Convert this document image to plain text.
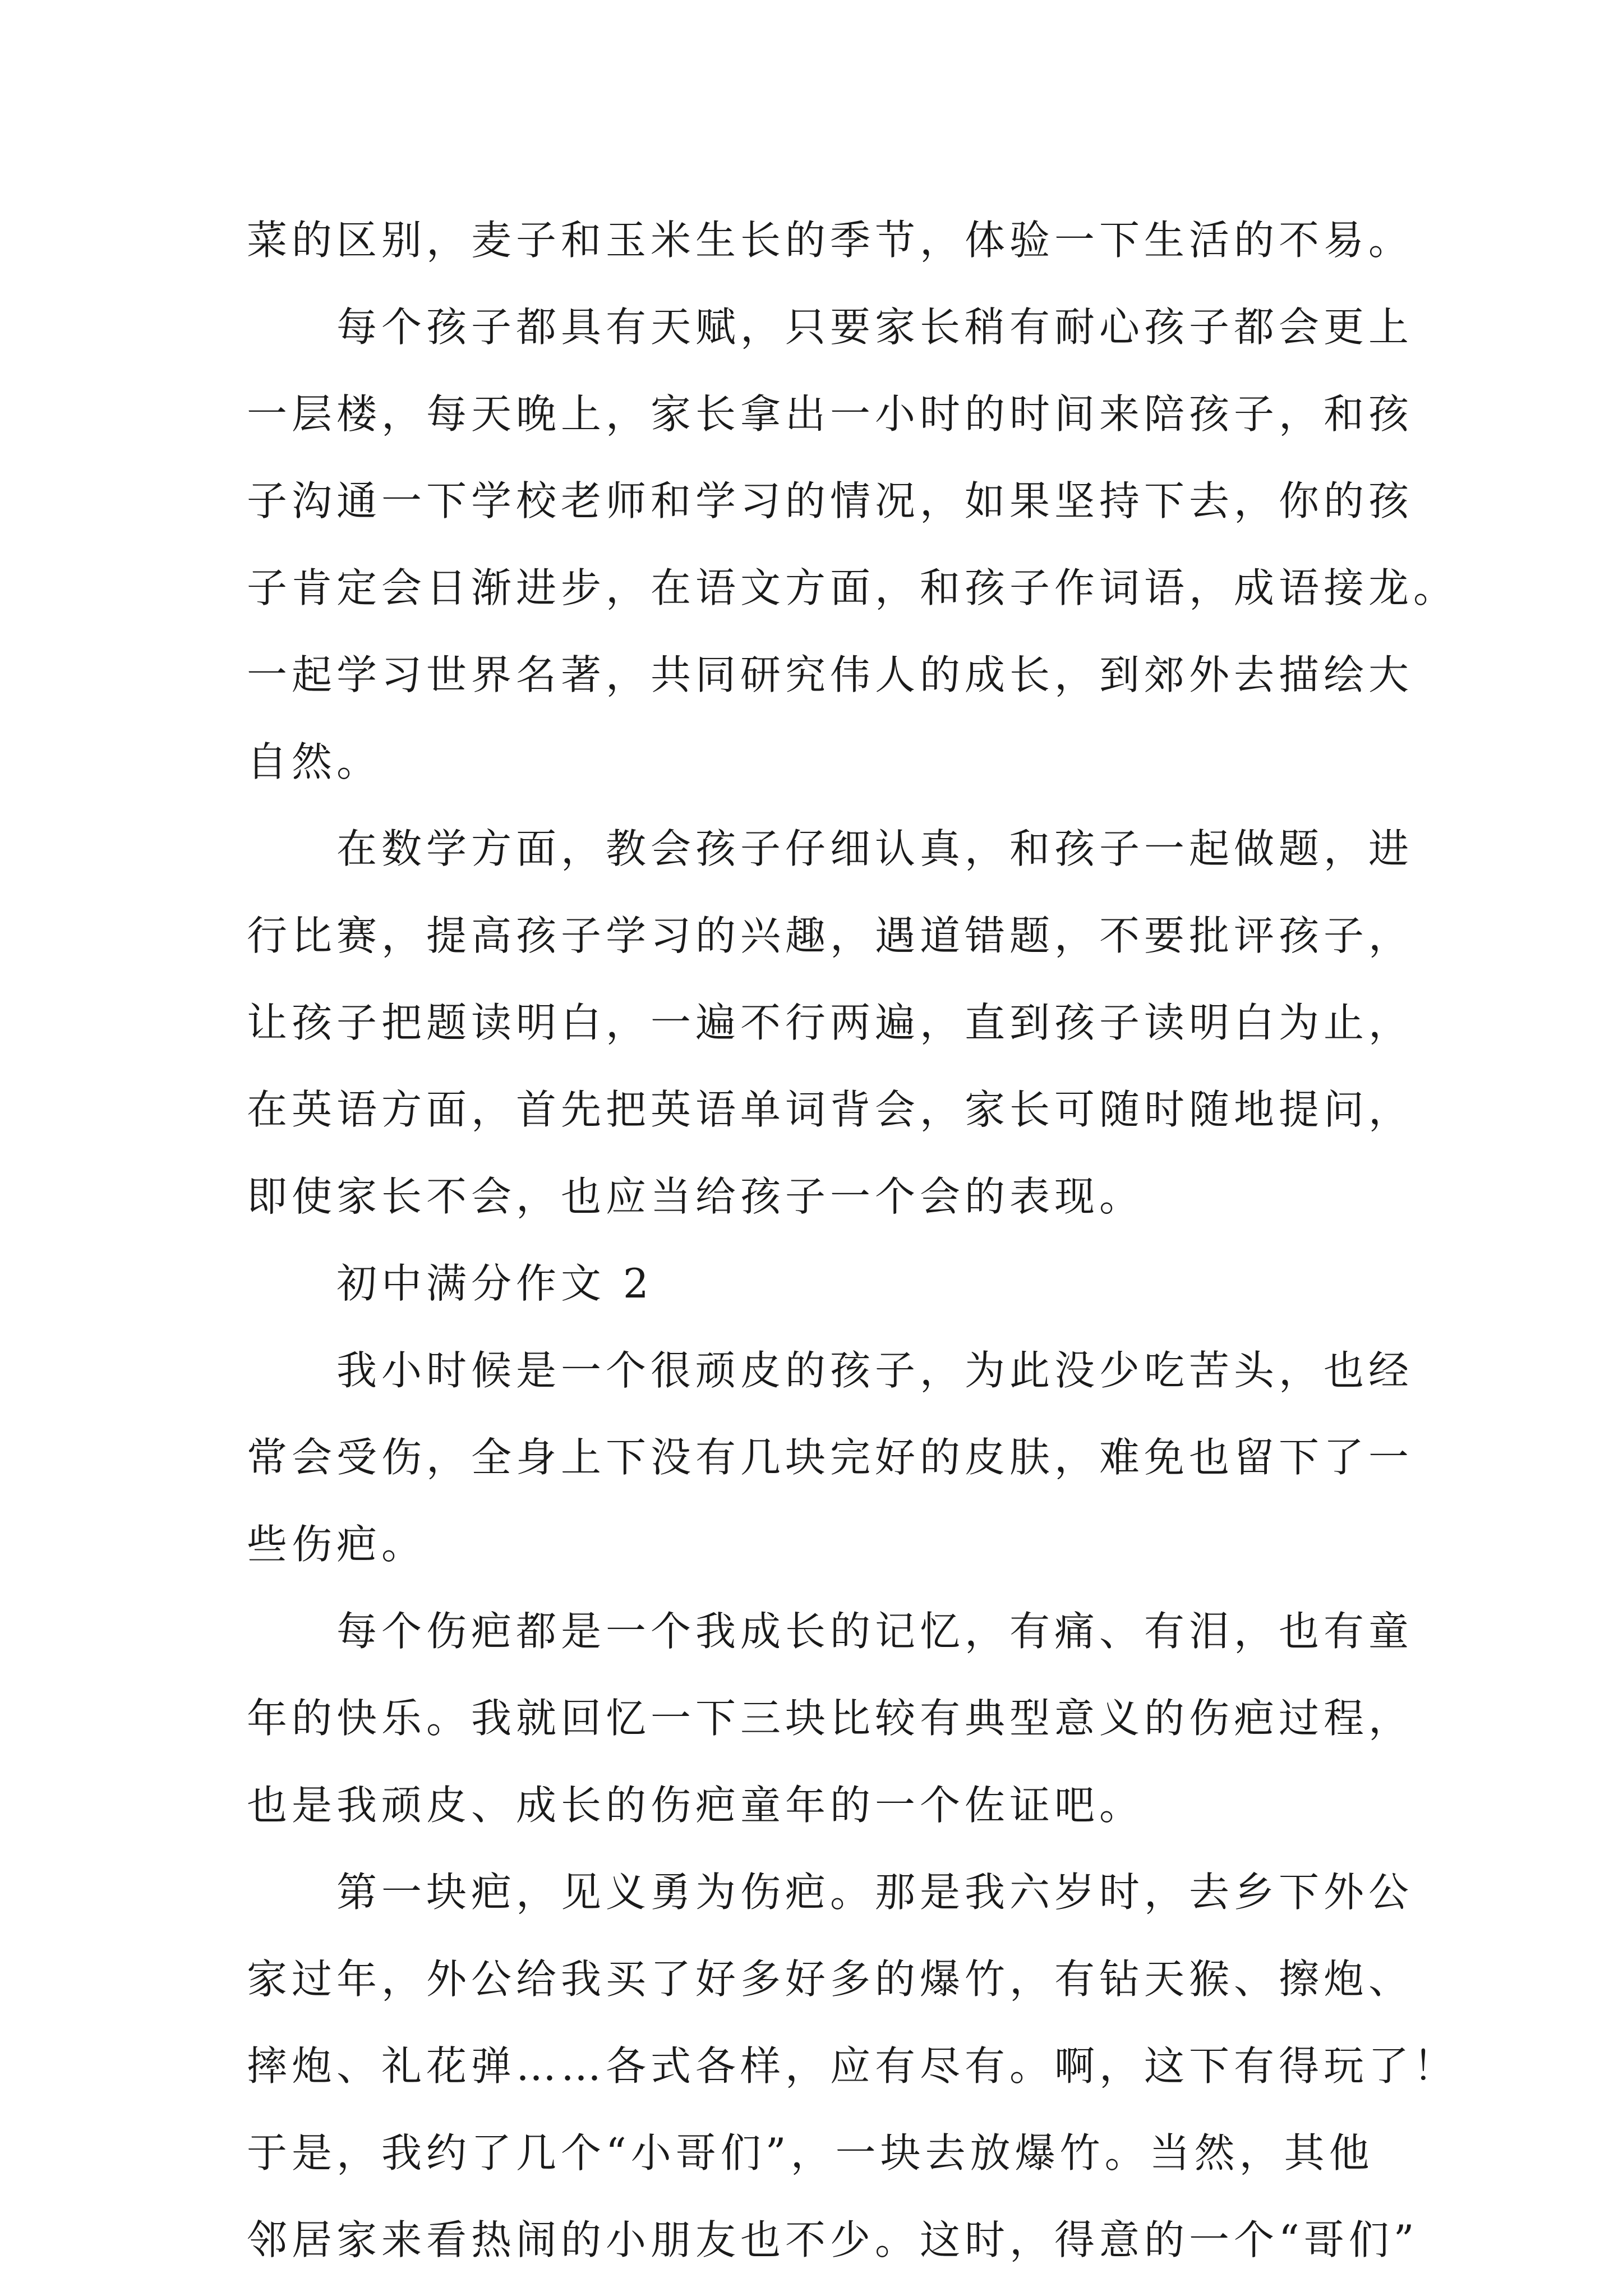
菜的区别，麦子和玉米生长的季节，体验一下生活的不易。
每个孩子都具有天赋，只要家长稍有耐心孩子都会更上
一层楼，每天晚上，家长拿出一小时的时间来陪孩子，和孩
子沟通一下学校老师和学习的情况，如果坚持下去，你的孩
子肯定会日渐进步，在语文方面，和孩子作词语，成语接龙。
一起学习世界名著，共同研究伟人的成长，到郊外去描绘大
自然。
在数学方面，教会孩子仔细认真，和孩子一起做题，进
行比赛，提高孩子学习的兴趣，遇道错题，不要批评孩子，
让孩子把题读明白，一遍不行两遍，直到孩子读明白为止，
在英语方面，首先把英语单词背会，家长可随时随地提问，
即使家长不会，也应当给孩子一个会的表现。
初中满分作文 2
我小时候是一个很顽皮的孩子，为此没少吃苦头，也经
常会受伤，全身上下没有几块完好的皮肤，难免也留下了一
些伤疤。
每个伤疤都是一个我成长的记忆，有痛、有泪，也有童
年的快乐。我就回忆一下三块比较有典型意义的伤疤过程，
也是我顽皮、成长的伤疤童年的一个佐证吧。
第一块疤，见义勇为伤疤。那是我六岁时，去乡下外公
家过年，外公给我买了好多好多的爆竹，有钻天猴、擦炮、
摔炮、礼花弹……各式各样，应有尽有。啊，这下有得玩了！
于是，我约了几个“小哥们”，一块去放爆竹。当然，其他
邻居家来看热闹的小朋友也不少。这时，得意的一个“哥们”
